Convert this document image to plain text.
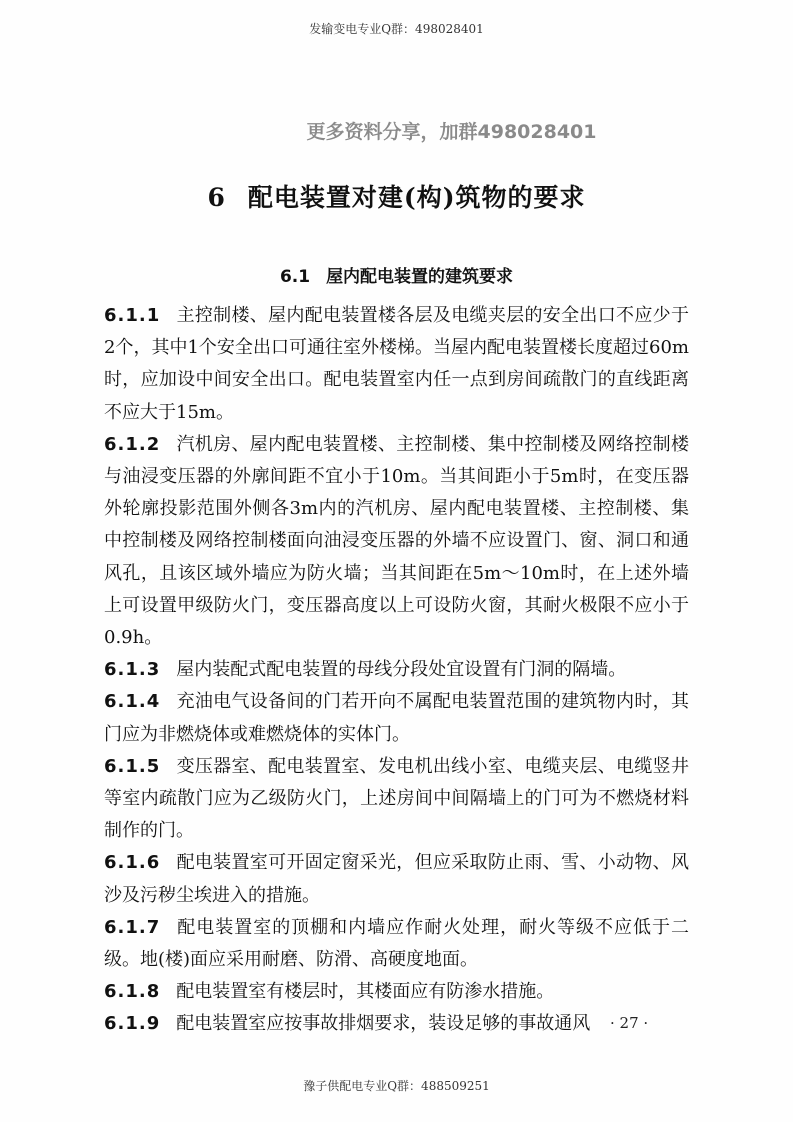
发输变电专业Q群：498028401
更多资料分享，加群498028401
6 配电装置对建(构)筑物的要求
6.1 屋内配电装置的建筑要求

6.1.1 主控制楼、屋内配电装置楼各层及电缆夹层的安全出口不应少于2个，其中1个安全出口可通往室外楼梯。当屋内配电装置楼长度超过60m时，应加设中间安全出口。配电装置室内任一点到房间疏散门的直线距离不应大于15m。

6.1.2 汽机房、屋内配电装置楼、主控制楼、集中控制楼及网络控制楼与油浸变压器的外廓间距不宜小于10m。当其间距小于5m时，在变压器外轮廓投影范围外侧各3m内的汽机房、屋内配电装置楼、主控制楼、集中控制楼及网络控制楼面向油浸变压器的外墙不应设置门、窗、洞口和通风孔，且该区域外墙应为防火墙；当其间距在5m～10m时，在上述外墙上可设置甲级防火门，变压器高度以上可设防火窗，其耐火极限不应小于0.9h。

6.1.3 屋内装配式配电装置的母线分段处宜设置有门洞的隔墙。

6.1.4 充油电气设备间的门若开向不属配电装置范围的建筑物内时，其门应为非燃烧体或难燃烧体的实体门。

6.1.5 变压器室、配电装置室、发电机出线小室、电缆夹层、电缆竖井等室内疏散门应为乙级防火门，上述房间中间隔墙上的门可为不燃烧材料制作的门。

6.1.6 配电装置室可开固定窗采光，但应采取防止雨、雪、小动物、风沙及污秽尘埃进入的措施。

6.1.7 配电装置室的顶棚和内墙应作耐火处理，耐火等级不应低于二级。地(楼)面应采用耐磨、防滑、高硬度地面。

6.1.8 配电装置室有楼层时，其楼面应有防渗水措施。

6.1.9 配电装置室应按事故排烟要求，装设足够的事故通风	· 27 ·
豫子供配电专业Q群：488509251
